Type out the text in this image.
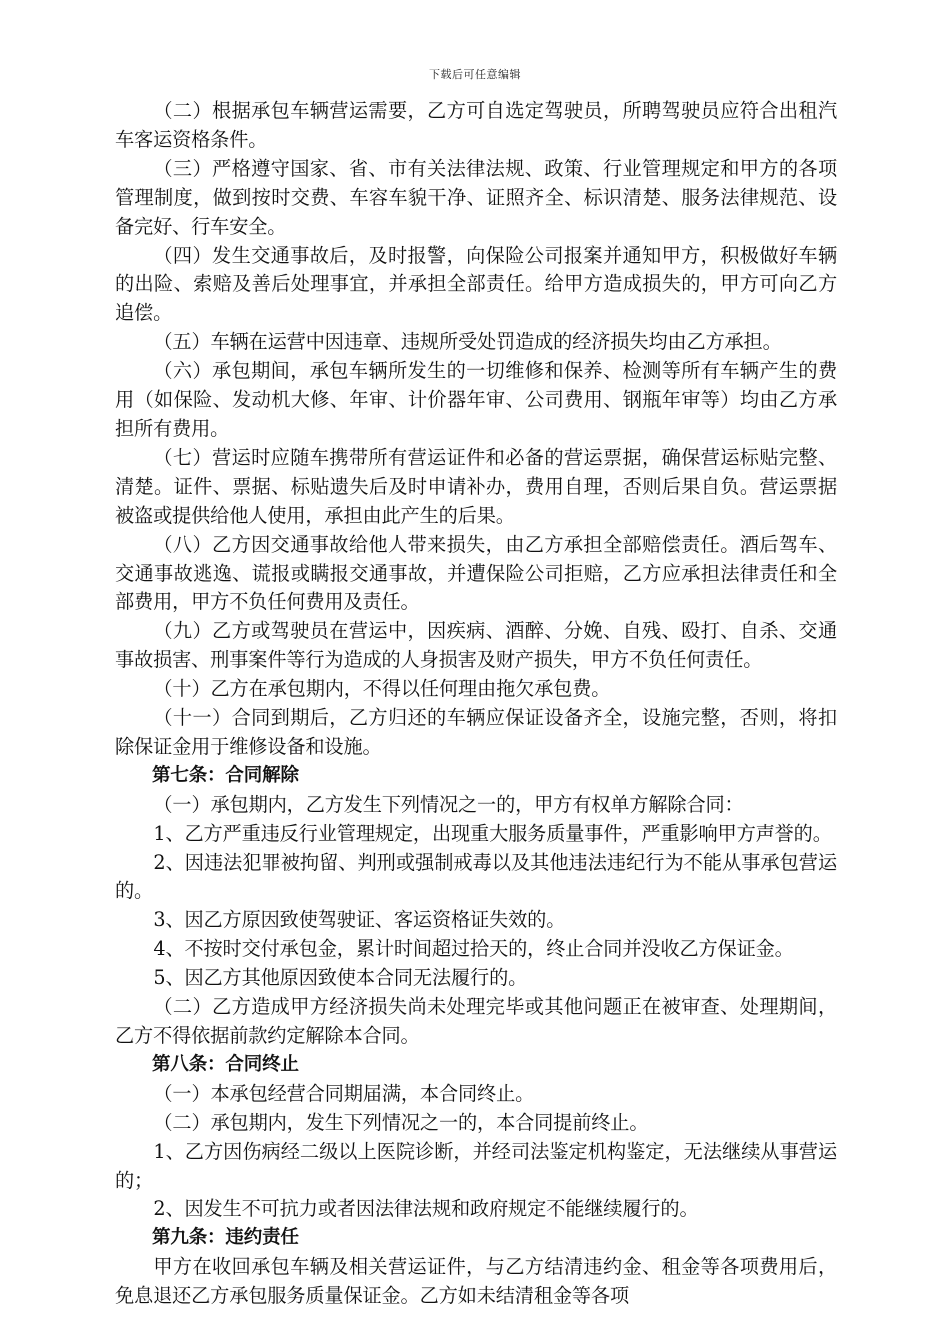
下载后可任意编辑

（二）根据承包车辆营运需要，乙方可自选定驾驶员，所聘驾驶员应符合出租汽车客运资格条件。

（三）严格遵守国家、省、市有关法律法规、政策、行业管理规定和甲方的各项管理制度，做到按时交费、车容车貌干净、证照齐全、标识清楚、服务法律规范、设备完好、行车安全。

（四）发生交通事故后，及时报警，向保险公司报案并通知甲方，积极做好车辆的出险、索赔及善后处理事宜，并承担全部责任。给甲方造成损失的，甲方可向乙方追偿。

（五）车辆在运营中因违章、违规所受处罚造成的经济损失均由乙方承担。

（六）承包期间，承包车辆所发生的一切维修和保养、检测等所有车辆产生的费用（如保险、发动机大修、年审、计价器年审、公司费用、钢瓶年审等）均由乙方承担所有费用。

（七）营运时应随车携带所有营运证件和必备的营运票据，确保营运标贴完整、清楚。证件、票据、标贴遗失后及时申请补办，费用自理，否则后果自负。营运票据被盗或提供给他人使用，承担由此产生的后果。

（八）乙方因交通事故给他人带来损失，由乙方承担全部赔偿责任。酒后驾车、交通事故逃逸、谎报或瞒报交通事故，并遭保险公司拒赔，乙方应承担法律责任和全部费用，甲方不负任何费用及责任。

（九）乙方或驾驶员在营运中，因疾病、酒醉、分娩、自残、殴打、自杀、交通事故损害、刑事案件等行为造成的人身损害及财产损失，甲方不负任何责任。

（十）乙方在承包期内，不得以任何理由拖欠承包费。

（十一）合同到期后，乙方归还的车辆应保证设备齐全，设施完整，否则，将扣除保证金用于维修设备和设施。

第七条：合同解除

（一）承包期内，乙方发生下列情况之一的，甲方有权单方解除合同：

1、乙方严重违反行业管理规定，出现重大服务质量事件，严重影响甲方声誉的。

2、因违法犯罪被拘留、判刑或强制戒毒以及其他违法违纪行为不能从事承包营运的。

3、因乙方原因致使驾驶证、客运资格证失效的。

4、不按时交付承包金，累计时间超过拾天的，终止合同并没收乙方保证金。

5、因乙方其他原因致使本合同无法履行的。

（二）乙方造成甲方经济损失尚未处理完毕或其他问题正在被审查、处理期间，乙方不得依据前款约定解除本合同。

第八条：合同终止

（一）本承包经营合同期届满，本合同终止。

（二）承包期内，发生下列情况之一的，本合同提前终止。

1、乙方因伤病经二级以上医院诊断，并经司法鉴定机构鉴定，无法继续从事营运的；

2、因发生不可抗力或者因法律法规和政府规定不能继续履行的。

第九条：违约责任

甲方在收回承包车辆及相关营运证件，与乙方结清违约金、租金等各项费用后，免息退还乙方承包服务质量保证金。乙方如未结清租金等各项
